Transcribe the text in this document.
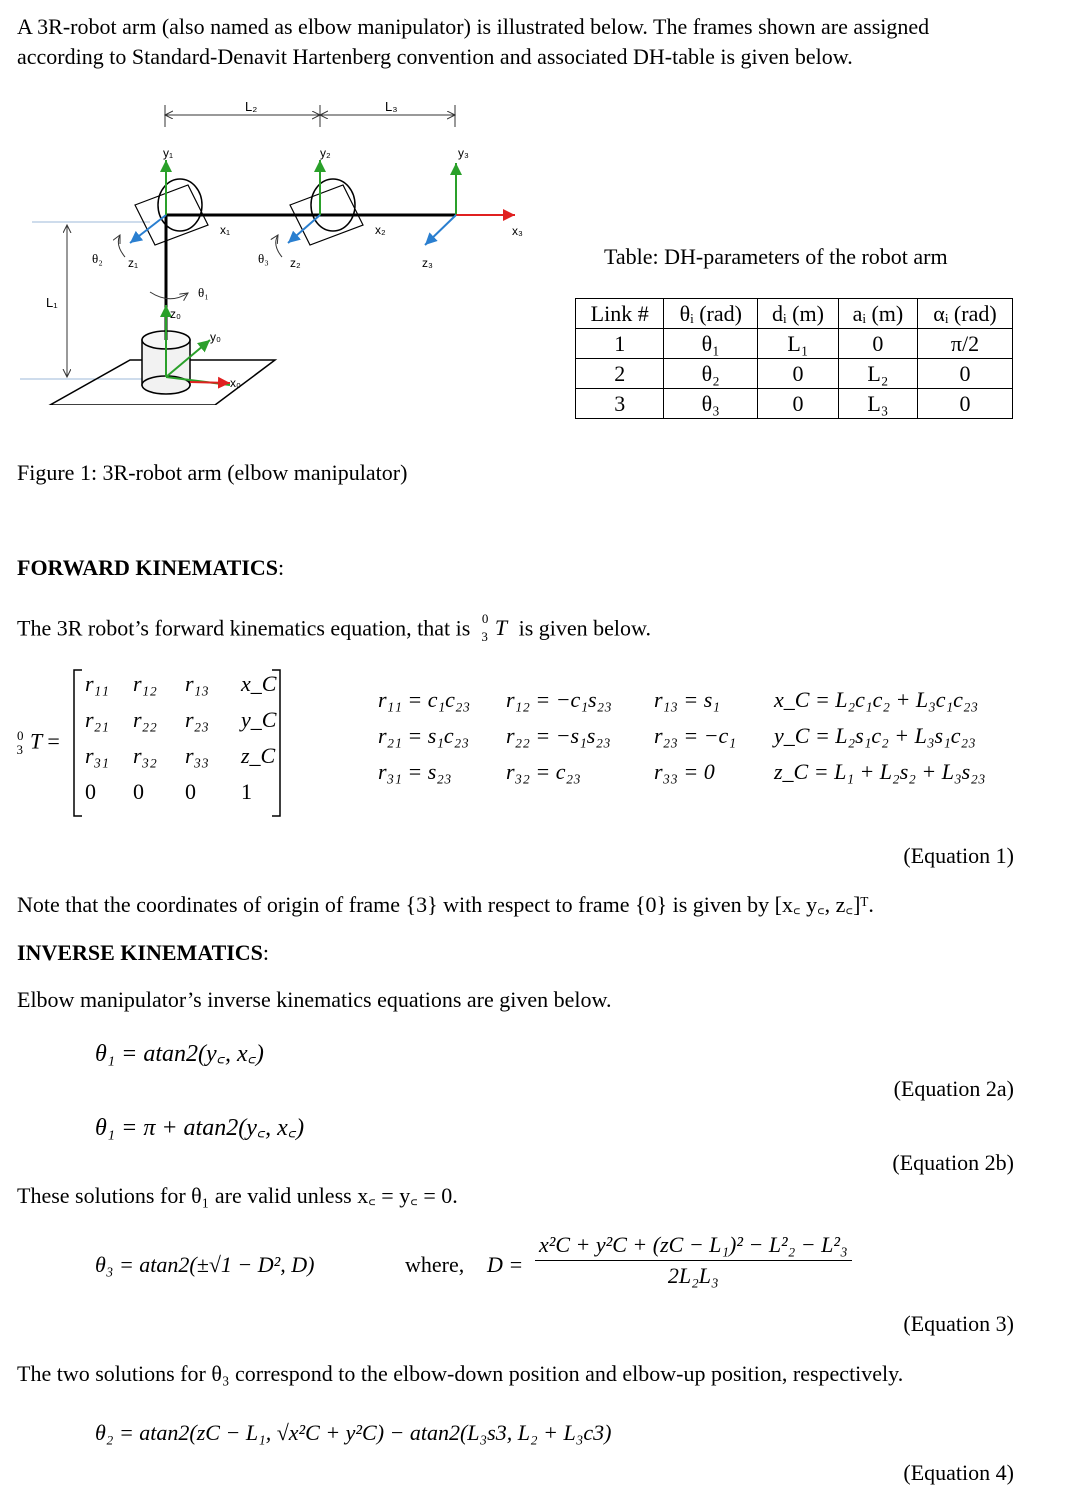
A 3R-robot arm (also named as elbow manipulator) is illustrated below. The frames shown are assigned
according to Standard-Denavit Hartenberg convention and associated DH-table is given below.
L₂	L₃
L₁
z₀
y₀
x₀
θ₁
y₁
x₁
z₁
θ₂
y₂
x₂
z₂
θ₃
y₃
x₃
z₃
Figure 1: 3R-robot arm (elbow manipulator)
Table: DH-parameters of the robot arm
Link #	θᵢ (rad)	dᵢ (m)	aᵢ (m)	αᵢ (rad)
1	θ₁	L₁	0	π/2
2	θ₂	0	L₂	0
3	θ₃	0	L₃	0
FORWARD KINEMATICS:
The 3R robot’s forward kinematics equation, that is $^0_3$ T is given below.
$^0_3$ T =
r₁₁	r₁₂	r₁₃	x_C
r₂₁	r₂₂	r₂₃	y_C
r₃₁	r₃₂	r₃₃	z_C
0	0	0	1
r₁₁ = c₁c₂₃	r₁₂ = −c₁s₂₃	r₁₃ = s₁	x_C = L₂c₁c₂ + L₃c₁c₂₃
r₂₁ = s₁c₂₃	r₂₂ = −s₁s₂₃	r₂₃ = −c₁	y_C = L₂s₁c₂ + L₃s₁c₂₃
r₃₁ = s₂₃	r₃₂ = c₂₃	r₃₃ = 0	z_C = L₁ + L₂s₂ + L₃s₂₃
(Equation 1)
Note that the coordinates of origin of frame {3} with respect to frame {0} is given by [x꜀ y꜀, z꜀]ᵀ.
INVERSE KINEMATICS:
Elbow manipulator’s inverse kinematics equations are given below.
θ₁ = atan2(y꜀, x꜀)
(Equation 2a)
θ₁ = π + atan2(y꜀, x꜀)
(Equation 2b)
These solutions for θ₁ are valid unless x꜀ = y꜀ = 0.
θ₃ = atan2(±√1 − D², D)	where, $D = \frac{\text{x²C + y²C + (zC − L₁)² − L²₂ − L²₃}}{\text{2L₂L₃}}$
(Equation 3)
The two solutions for θ₃ correspond to the elbow-down position and elbow-up position, respectively.
θ₂ = atan2(zC − L₁, √x²C + y²C) − atan2(L₃s3, L₂ + L₃c3)
(Equation 4)
